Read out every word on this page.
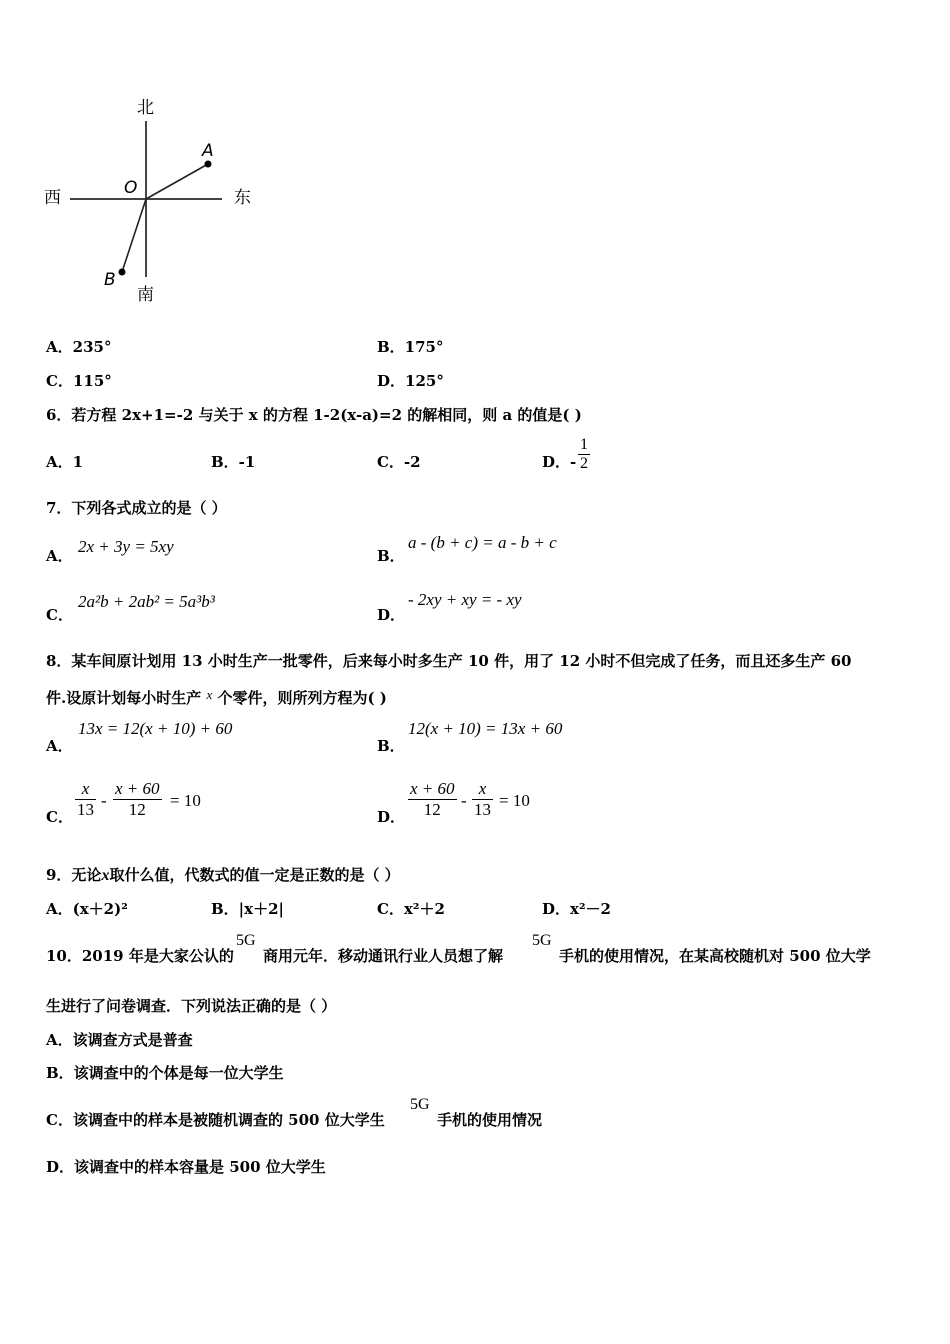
北
南
西	东
O
A
B
A．235°	B．175°
C．115°	D．125°
6．若方程 2x+1=-2 与关于 x 的方程 1-2(x-a)=2 的解相同，则 a 的值是( )
A．1	B．-1	C．-2	D．- $\frac{1}{2}$
7．下列各式成立的是（ ）
A． 2x + 3y = 5xy	B．
a - (b + c) = a - b + c
C．
2a²b + 2ab² = 5a³b³
D．
- 2xy + xy = - xy
8．某车间原计划用 13 小时生产一批零件，后来每小时多生产 10 件，用了 12 小时不但完成了任务，而且还多生产 60
件.设原计划每小时生产 x 个零件，则所列方程为( )
A．
13x = 12(x + 10) + 60
B．
12(x + 10) = 13x + 60
C． $\frac{x}{13} - \frac{x + 60}{12} = 10$
D． $\frac{x + 60}{12} - \frac{x}{13} = 10$
9．无论x取什么值，代数式的值一定是正数的是（ ）
A．(x＋2)²	B．|x＋2|	C．x²＋2	D．x²－2
10．2019 年是大家公认的
5G
商用元年．移动通讯行业人员想了解
5G
手机的使用情况，在某高校随机对 500 位大学
生进行了问卷调查．下列说法正确的是（ ）
A．该调查方式是普查
B．该调查中的个体是每一位大学生
C．该调查中的样本是被随机调查的 500 位大学生
5G
手机的使用情况
D．该调查中的样本容量是 500 位大学生
